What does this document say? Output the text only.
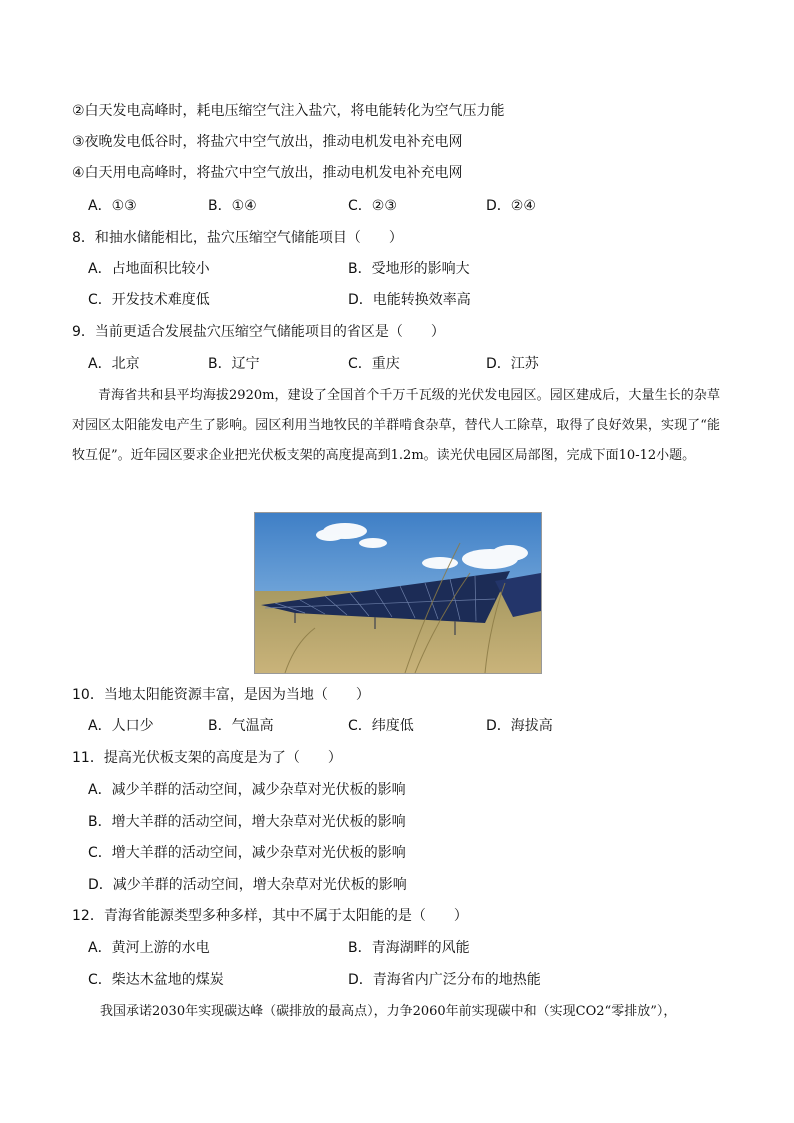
②白天发电高峰时，耗电压缩空气注入盐穴，将电能转化为空气压力能
③夜晚发电低谷时，将盐穴中空气放出，推动电机发电补充电网
④白天用电高峰时，将盐穴中空气放出，推动电机发电补充电网
A．①③	B．①④	C．②③	D．②④
8．和抽水储能相比，盐穴压缩空气储能项目（　　）
A．占地面积比较小	B．受地形的影响大
C．开发技术难度低	D．电能转换效率高
9．当前更适合发展盐穴压缩空气储能项目的省区是（　　）
A．北京	B．辽宁	C．重庆	D．江苏
青海省共和县平均海拔2920m，建设了全国首个千万千瓦级的光伏发电园区。园区建成后，大量生长的杂草对园区太阳能发电产生了影响。园区利用当地牧民的羊群啃食杂草，替代人工除草，取得了良好效果，实现了“能牧互促”。近年园区要求企业把光伏板支架的高度提高到1.2m。读光伏电园区局部图，完成下面10-12小题。
10．当地太阳能资源丰富，是因为当地（　　）
A．人口少	B．气温高	C．纬度低	D．海拔高
11．提高光伏板支架的高度是为了（　　）
A．减少羊群的活动空间，减少杂草对光伏板的影响
B．增大羊群的活动空间，增大杂草对光伏板的影响
C．增大羊群的活动空间，减少杂草对光伏板的影响
D．减少羊群的活动空间，增大杂草对光伏板的影响
12．青海省能源类型多种多样，其中不属于太阳能的是（　　）
A．黄河上游的水电	B．青海湖畔的风能
C．柴达木盆地的煤炭	D．青海省内广泛分布的地热能
我国承诺2030年实现碳达峰（碳排放的最高点），力争2060年前实现碳中和（实现CO2“零排放”），
